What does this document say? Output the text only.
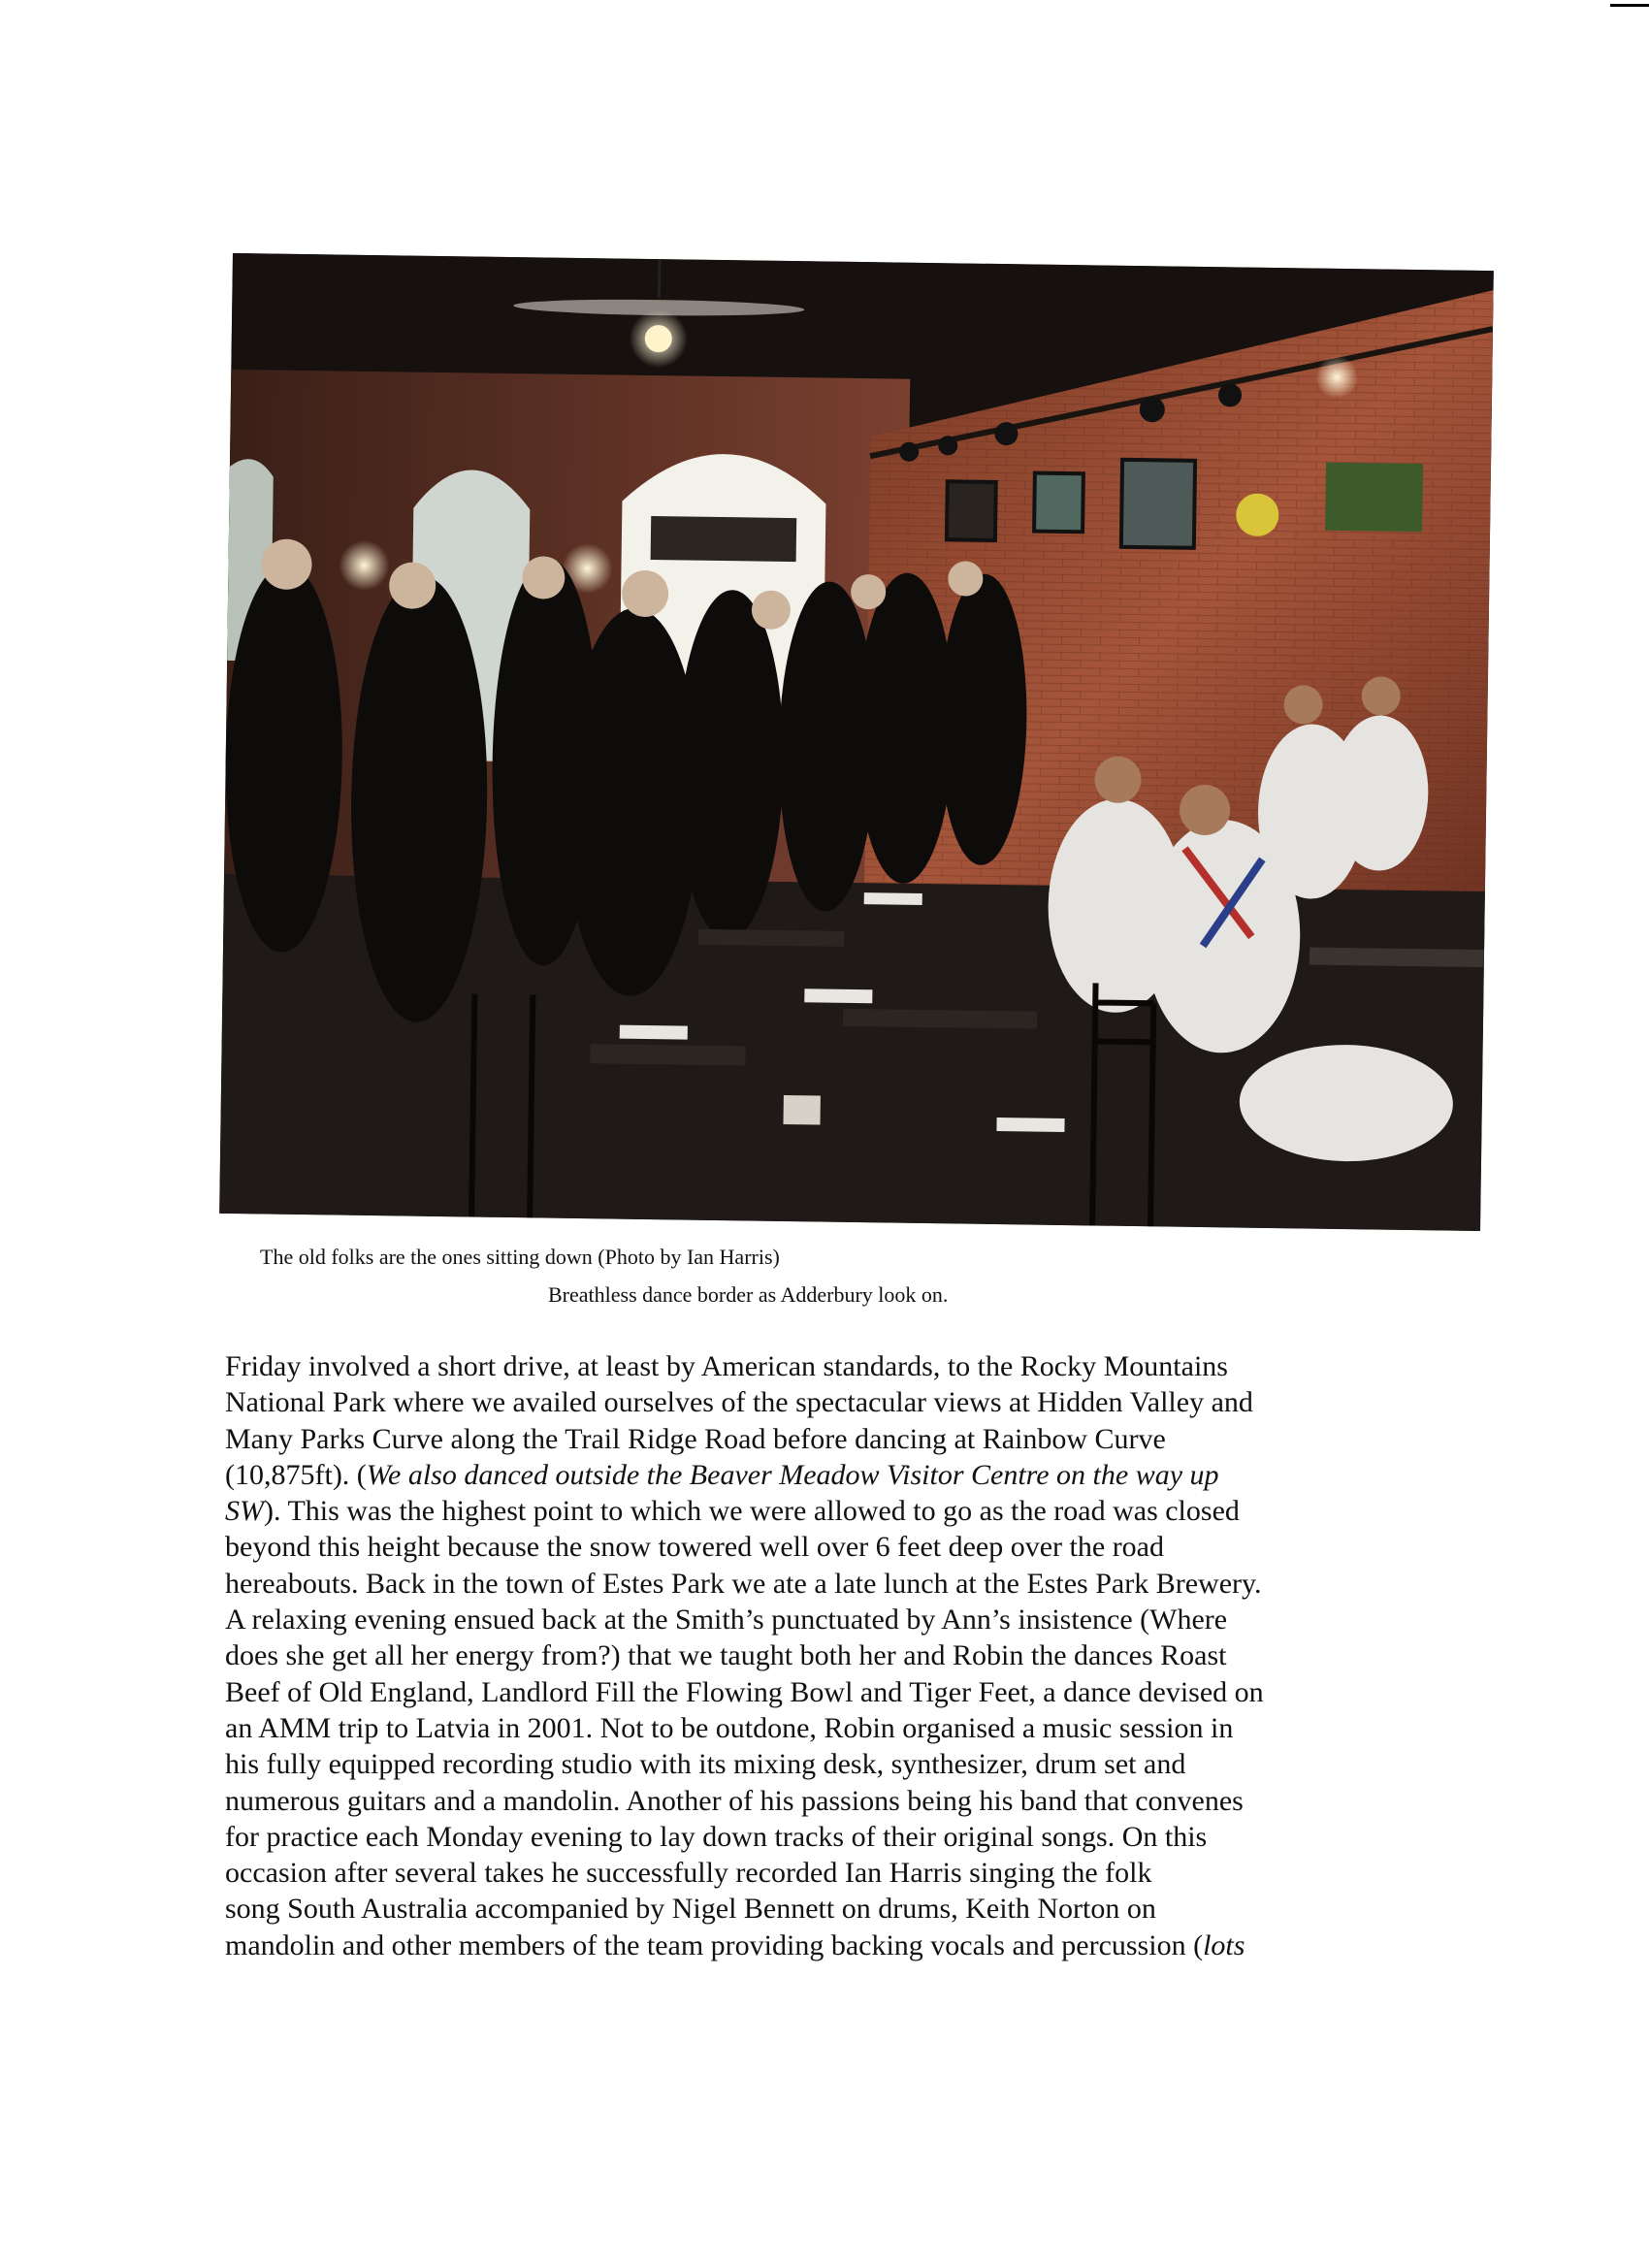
The old folks are the ones sitting down (Photo by Ian Harris)
Breathless dance border as Adderbury look on.
Friday involved a short drive, at least by American standards, to the Rocky Mountains
National Park where we availed ourselves of the spectacular views at Hidden Valley and
Many Parks Curve along the Trail Ridge Road before dancing at Rainbow Curve
(10,875ft). (We also danced outside the Beaver Meadow Visitor Centre on the way up
SW). This was the highest point to which we were allowed to go as the road was closed
beyond this height because the snow towered well over 6 feet deep over the road
hereabouts. Back in the town of Estes Park we ate a late lunch at the Estes Park Brewery.
A relaxing evening ensued back at the Smith’s punctuated by Ann’s insistence (Where
does she get all her energy from?) that we taught both her and Robin the dances Roast
Beef of Old England, Landlord Fill the Flowing Bowl and Tiger Feet, a dance devised on
an AMM trip to Latvia in 2001. Not to be outdone, Robin organised a music session in
his fully equipped recording studio with its mixing desk, synthesizer, drum set and
numerous guitars and a mandolin. Another of his passions being his band that convenes
for practice each Monday evening to lay down tracks of their original songs. On this
occasion after several takes he successfully recorded Ian Harris singing the folk
song South Australia accompanied by Nigel Bennett on drums, Keith Norton on
mandolin and other members of the team providing backing vocals and percussion (lots
